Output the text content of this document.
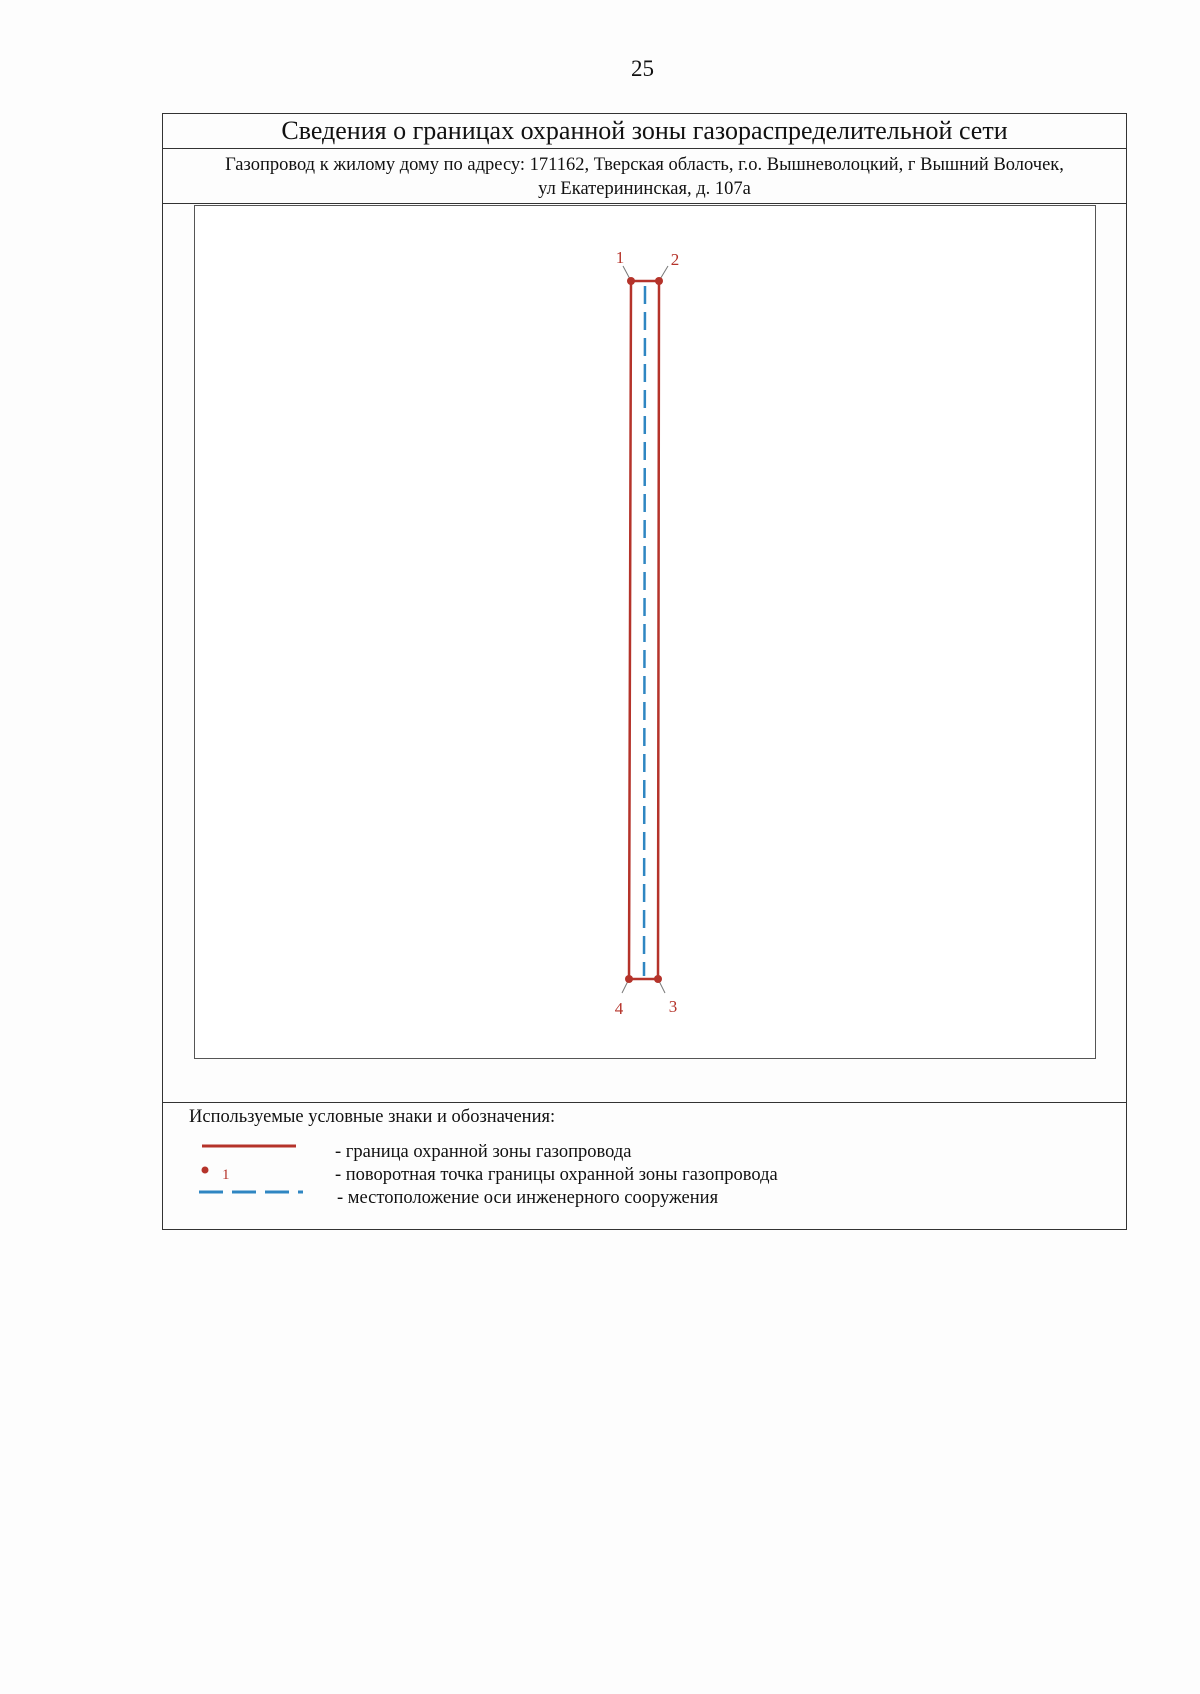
25
Сведения о границах охранной зоны газораспределительной сети
Газопровод к жилому дому по адресу: 171162, Тверская область, г.о. Вышневолоцкий, г Вышний Волочек,
ул Екатерининская, д. 107а
1	2
3
4
Используемые условные знаки и обозначения:
- граница охранной зоны газопровода
1	- поворотная точка границы охранной зоны газопровода
- местоположение оси инженерного сооружения
